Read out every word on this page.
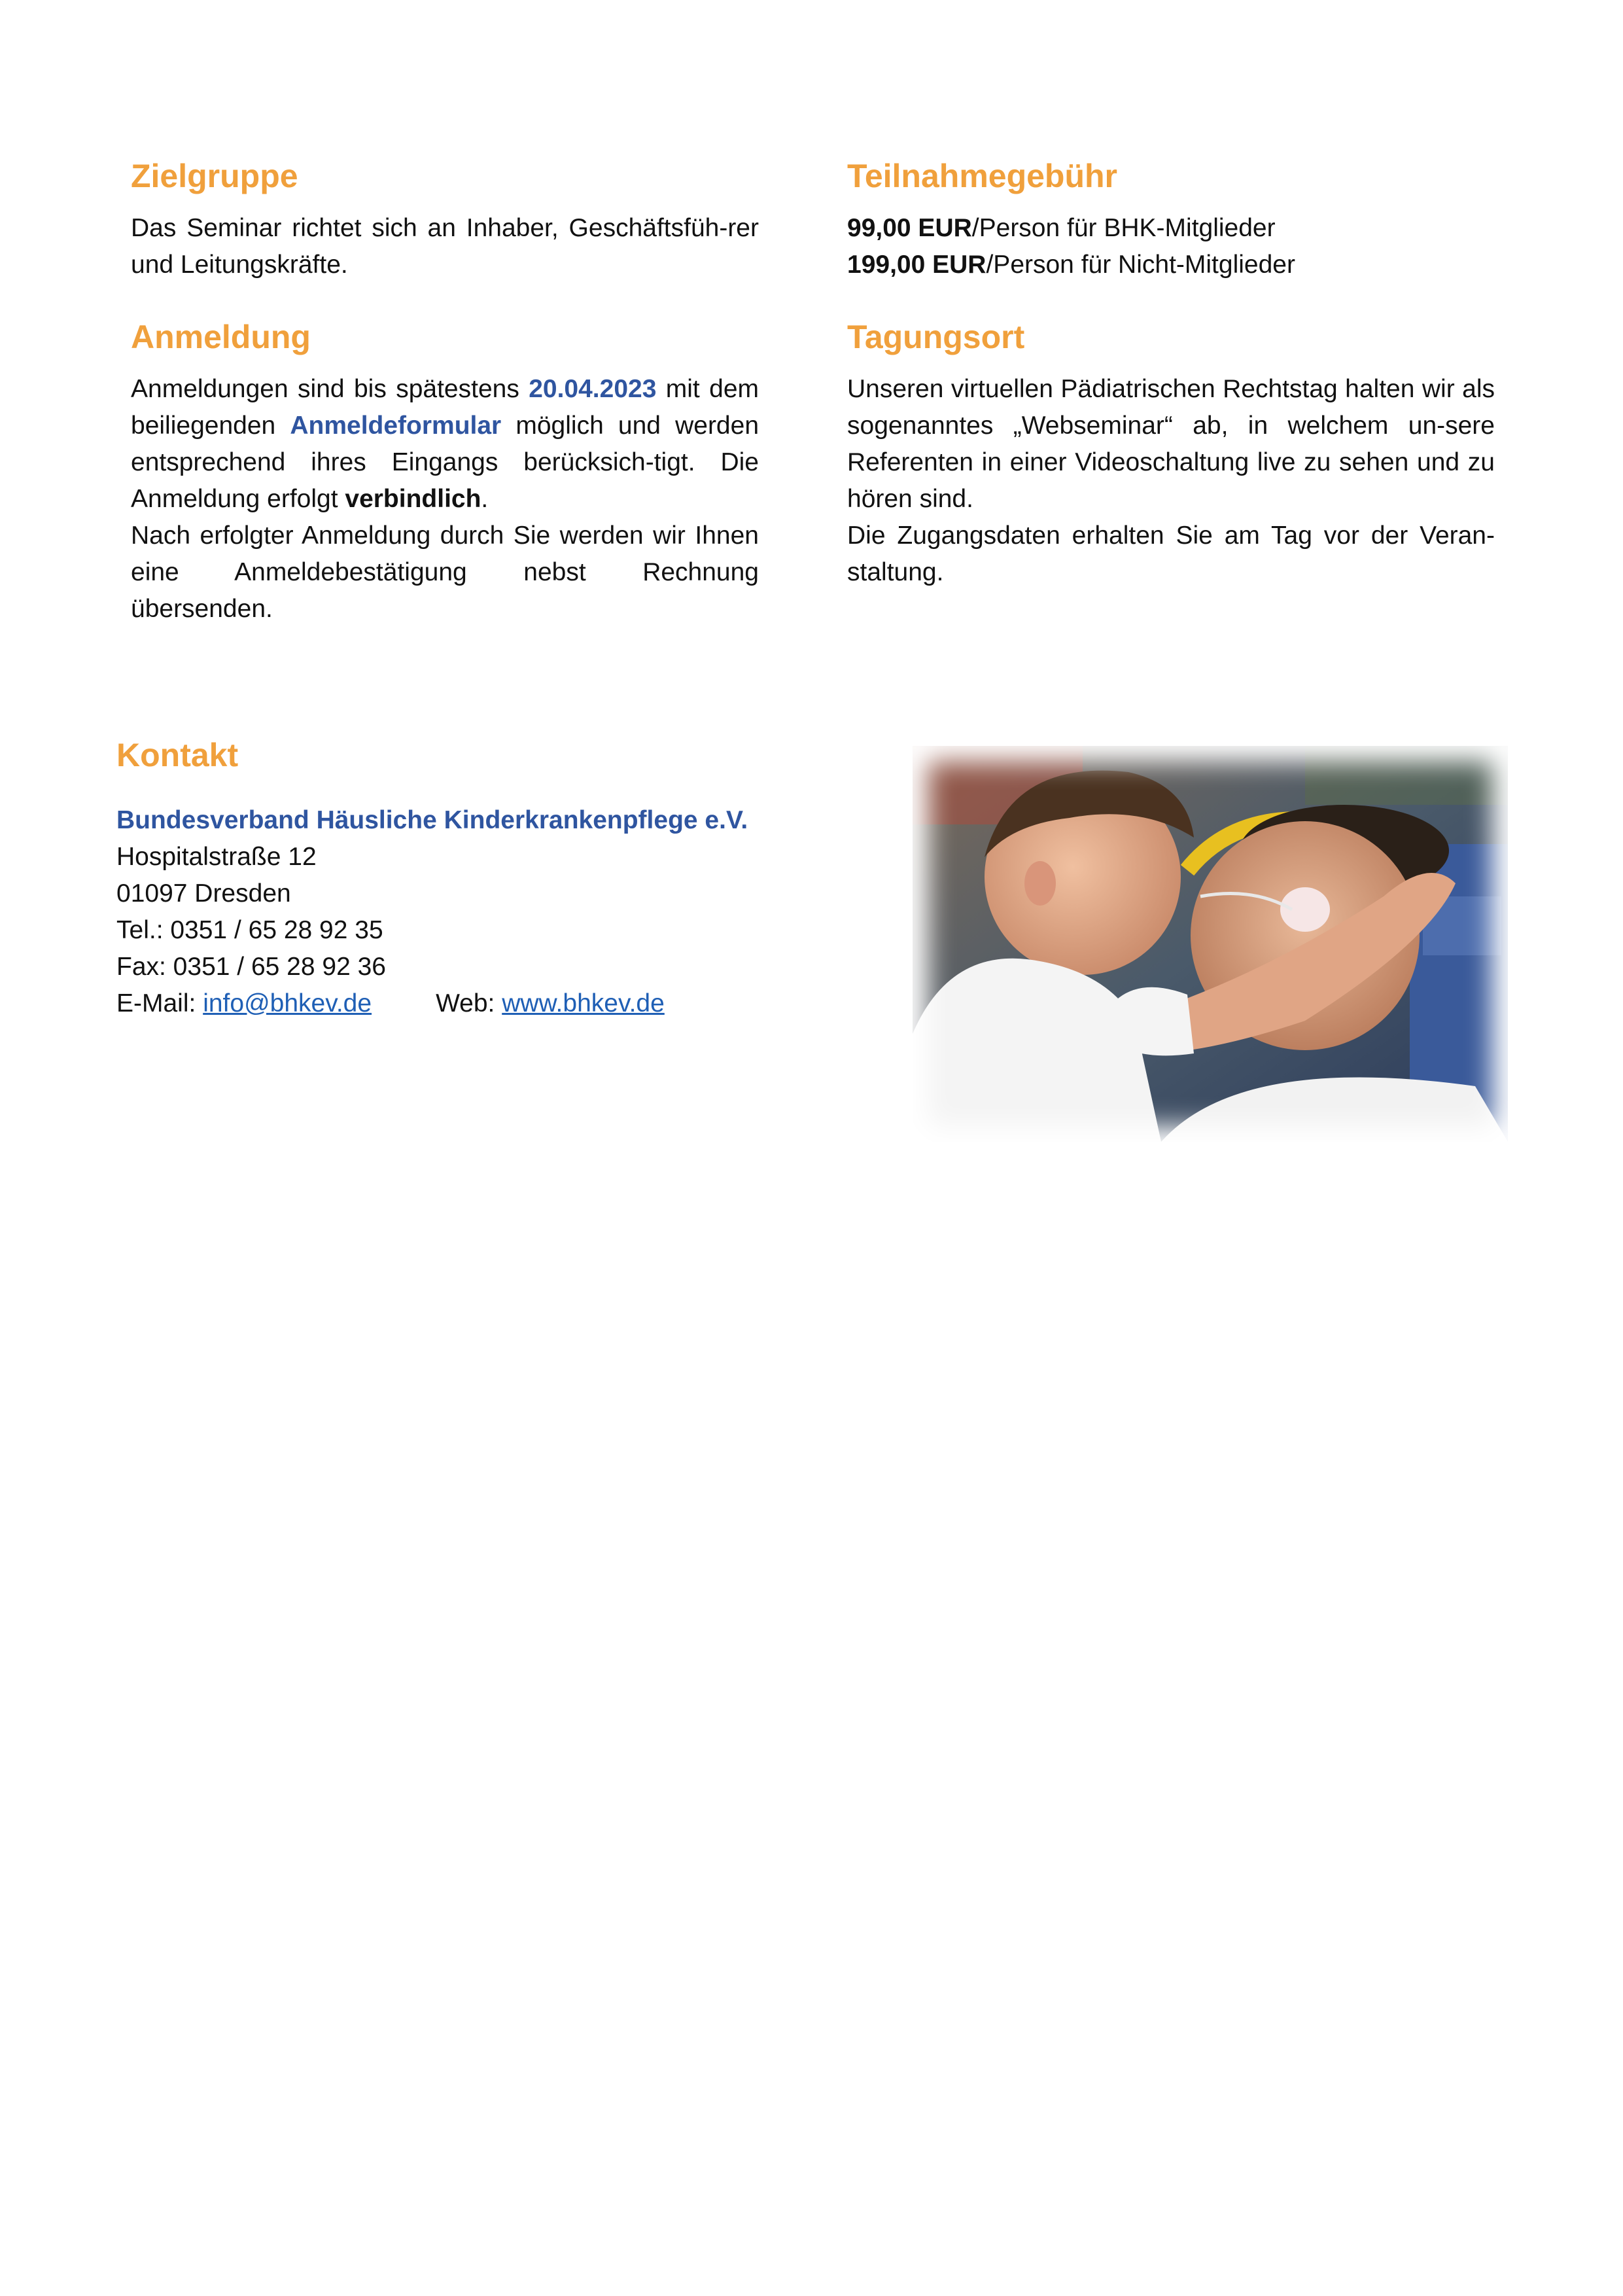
Zielgruppe

Das Seminar richtet sich an Inhaber, Geschäftsfüh-rer und Leitungskräfte.

Anmeldung

Anmeldungen sind bis spätestens 20.04.2023 mit dem beiliegenden Anmeldeformular möglich und werden entsprechend ihres Eingangs berücksich-tigt. Die Anmeldung erfolgt verbindlich.

Nach erfolgter Anmeldung durch Sie werden wir Ihnen eine Anmeldebestätigung nebst Rechnung übersenden.

Teilnahmegebühr

99,00 EUR/Person für BHK-Mitglieder

199,00 EUR/Person für Nicht-Mitglieder

Tagungsort

Unseren virtuellen Pädiatrischen Rechtstag halten wir als sogenanntes „Webseminar“ ab, in welchem un-sere Referenten in einer Videoschaltung live zu sehen und zu hören sind.

Die Zugangsdaten erhalten Sie am Tag vor der Veran-staltung.

Kontakt

Bundesverband Häusliche Kinderkrankenpflege e.V.

Hospitalstraße 12

01097 Dresden

Tel.: 0351 / 65 28 92 35

Fax: 0351 / 65 28 92 36

E-Mail: info@bhkev.de	Web: www.bhkev.de
